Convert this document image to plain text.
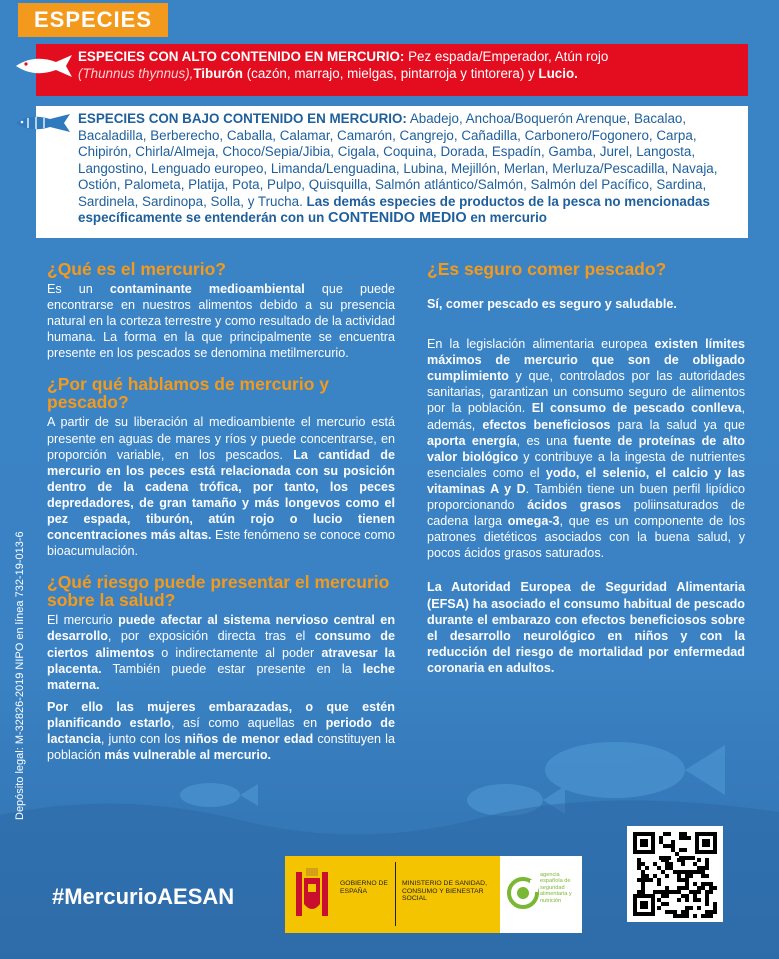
ESPECIES
ESPECIES CON ALTO CONTENIDO EN MERCURIO: Pez espada/Emperador, Atún rojo
(Thunnus thynnus),Tiburón (cazón, marrajo, mielgas, pintarroja y tintorera) y Lucio.
ESPECIES CON BAJO CONTENIDO EN MERCURIO: Abadejo, Anchoa/Boquerón Arenque, Bacalao, Bacaladilla, Berberecho, Caballa, Calamar, Camarón, Cangrejo, Cañadilla, Carbonero/Fogonero, Carpa, Chipirón, Chirla/Almeja, Choco/Sepia/Jibia, Cigala, Coquina, Dorada, Espadín, Gamba, Jurel, Langosta, Langostino, Lenguado europeo, Limanda/Lenguadina, Lubina, Mejillón, Merlan, Merluza/Pescadilla, Navaja, Ostión, Palometa, Platija, Pota, Pulpo, Quisquilla, Salmón atlántico/Salmón, Salmón del Pacífico, Sardina, Sardinela, Sardinopa, Solla, y Trucha. Las demás especies de productos de la pesca no mencionadas específicamente se entenderán con un CONTENIDO MEDIO en mercurio
¿Qué es el mercurio?

Es un contaminante medioambiental que puede encontrarse en nuestros alimentos debido a su presencia natural en la corteza terrestre y como resultado de la actividad humana. La forma en la que principalmente se encuentra presente en los pescados se denomina metilmercurio.

¿Por qué hablamos de mercurio y pescado?

A partir de su liberación al medioambiente el mercurio está presente en aguas de mares y ríos y puede concentrarse, en proporción variable, en los pescados. La cantidad de mercurio en los peces está relacionada con su posición dentro de la cadena trófica, por tanto, los peces depredadores, de gran tamaño y más longevos como el pez espada, tiburón, atún rojo o lucio tienen concentraciones más altas. Este fenómeno se conoce como bioacumulación.

¿Qué riesgo puede presentar el mercurio sobre la salud?

El mercurio puede afectar al sistema nervioso central en desarrollo, por exposición directa tras el consumo de ciertos alimentos o indirectamente al poder atravesar la placenta. También puede estar presente en la leche materna.

Por ello las mujeres embarazadas, o que estén planificando estarlo, así como aquellas en periodo de lactancia, junto con los niños de menor edad constituyen la población más vulnerable al mercurio.

¿Es seguro comer pescado?

Sí, comer pescado es seguro y saludable.

En la legislación alimentaria europea existen límites máximos de mercurio que son de obligado cumplimiento y que, controlados por las autoridades sanitarias, garantizan un consumo seguro de alimentos por la población. El consumo de pescado conlleva, además, efectos beneficiosos para la salud ya que aporta energía, es una fuente de proteínas de alto valor biológico y contribuye a la ingesta de nutrientes esenciales como el yodo, el selenio, el calcio y las vitaminas A y D. También tiene un buen perfil lipídico proporcionando ácidos grasos poliinsaturados de cadena larga omega-3, que es un componente de los patrones dietéticos asociados con la buena salud, y pocos ácidos grasos saturados.

La Autoridad Europea de Seguridad Alimentaria (EFSA) ha asociado el consumo habitual de pescado durante el embarazo con efectos beneficiosos sobre el desarrollo neurológico en niños y con la reducción del riesgo de mortalidad por enfermedad coronaria en adultos.

Depósito legal: M-32826-2019 NIPO en línea 732-19-013-6
#MercurioAESAN
GOBIERNO DE ESPAÑA
MINISTERIO DE SANIDAD, CONSUMO Y BIENESTAR SOCIAL
agencia española de seguridad alimentaria y nutrición
